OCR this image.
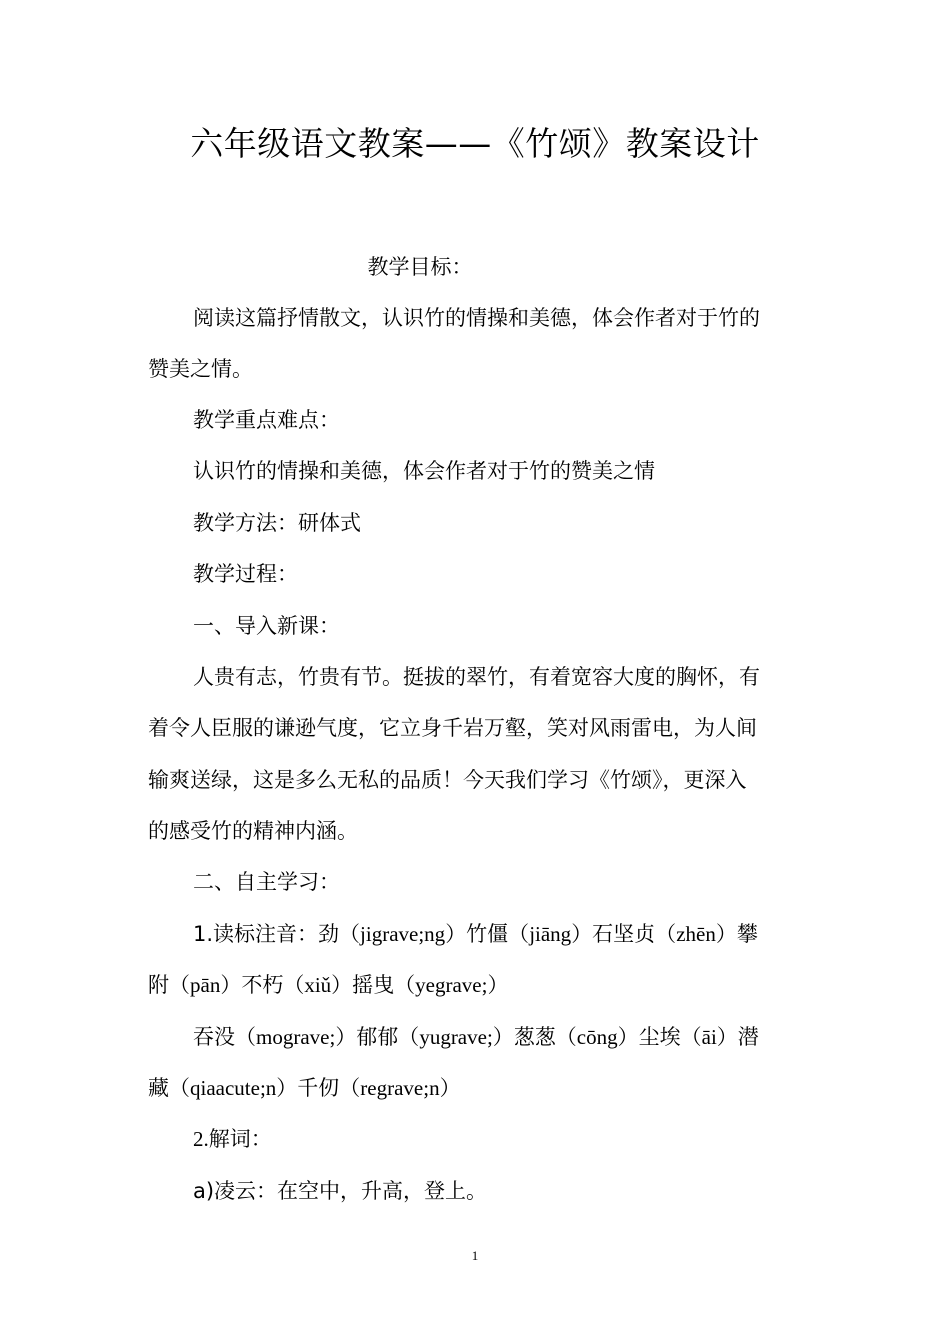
六年级语文教案——《竹颂》教案设计
教学目标：
阅读这篇抒情散文，认识竹的情操和美德，体会作者对于竹的
赞美之情。
教学重点难点：
认识竹的情操和美德，体会作者对于竹的赞美之情
教学方法：研体式
教学过程：
一、导入新课：
人贵有志，竹贵有节。挺拔的翠竹，有着宽容大度的胸怀，有
着令人臣服的谦逊气度，它立身千岩万壑，笑对风雨雷电，为人间
输爽送绿，这是多么无私的品质！今天我们学习《竹颂》，更深入
的感受竹的精神内涵。
二、自主学习：
1.读标注音：劲（jigrave;ng）竹僵（jiāng）石坚贞（zhēn）攀
附（pān）不朽（xiǔ）摇曳（yegrave;）
吞没（mograve;）郁郁（yugrave;）葱葱（cōng）尘埃（āi）潜
藏（qiaacute;n）千仞（regrave;n）
2.解词：
a)凌云：在空中，升高，登上。
1
